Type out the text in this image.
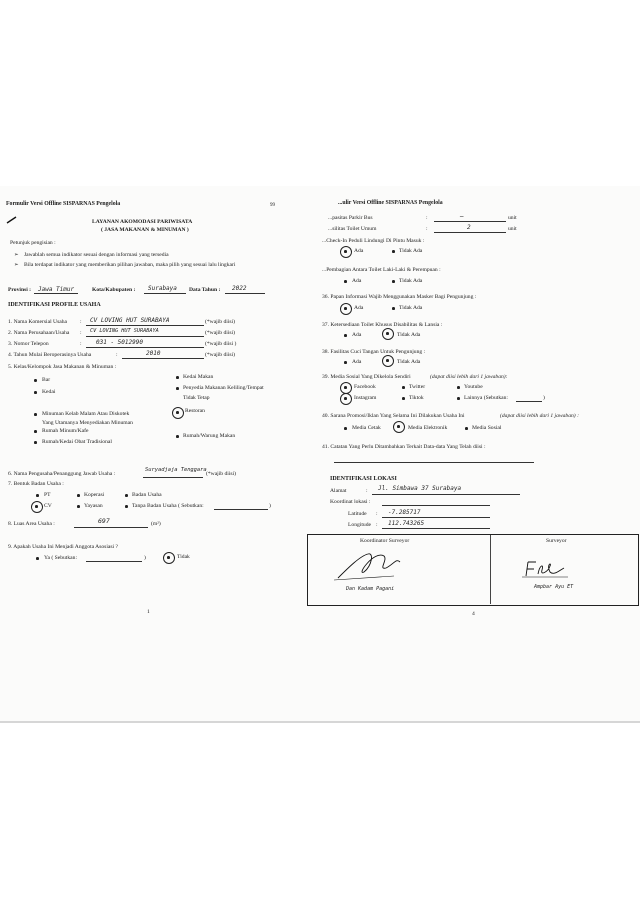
Formulir Versi Offline SISPARNAS Pengelola	99
LAYANAN AKOMODASI PARIWISATA
( JASA MAKANAN & MINUMAN )
Petunjuk pengisian :
➢ Jawablah semua indikator sesuai dengan informasi yang tersedia
➢ Bila terdapat indikator yang memberikan pilihan jawaban, maka pilih yang sesuai lalu lingkari
Provinsi : Jawa Timur	Kota/Kabupaten : Surabaya Data Tahun : 2022
IDENTIFIKASI PROFILE USAHA
1. Nama Komersial Usaha : CV LOVING HUT SURABAYA	(*wajib diisi)
2. Nama Perusahaan/Usaha : CV LOVING HUT SURABAYA	(*wajib diisi)
3. Nomor Telepon	: 031 - 5012990	(*wajib diisi )
4. Tahun Mulai Beroperasinya Usaha	:	2010	(*wajib diisi)
5. Kelas/Kelompok Jasa Makanan & Minuman :
Bar
Kedai
Kedai Makan
Penyedia Makanan Keliling/Tempat
Tidak Tetap
Minuman Kelab Malam Atau Diskotek
Yang Utamanya Menyediakan Minuman
Restoran
Rumah Minum/Kafe
Rumah/Warung Makan
Rumah/Kedai Obat Tradisional
6. Nama Pengusaha/Penanggung Jawab Usaha :
Suryadjaja Tenggara
(*wajib diisi)
7. Bentuk Badan Usaha :
PT	Koperasi	Badan Usaha
CV	Yayasan	Tanpa Badan Usaha ( Sebutkan:	)
8. Luas Area Usaha :	697	(m²)
9. Apakah Usaha Ini Menjadi Anggota Asosiasi ?
Ya ( Sebutkan:	)	Tidak
1
...ulir Versi Offline SISPARNAS Pengelola
...pasitas Parkir Bus	:	–	unit
...silitas Toilet Umum	:	2	unit
...Check-In Peduli Lindungi Di Pintu Masuk :
Ada	Tidak Ada
...Pembagian Antara Toilet Laki-Laki & Perempuan :
Ada	Tidak Ada
36. Papan Informasi Wajib Menggunakan Masker Bagi Pengunjung :
Ada	Tidak Ada
37. Ketersediaan Toilet Khusus Disabilitas & Lansia :
Ada	Tidak Ada
38. Fasilitas Cuci Tangan Untuk Pengunjung :
Ada	Tidak Ada
39. Media Sosial Yang Dikelola Sendiri	(dapat diisi lebih dari 1 jawaban):
Facebook	Twitter	Youtube
Instagram	Tiktok	Lainnya (Sebutkan:	)
40. Sarana Promosi/Iklan Yang Selama Ini Dilakukan Usaha Ini	(dapat diisi lebih dari 1 jawaban) :
Media Cetak	Media Elektronik	Media Sosial
41. Catatan Yang Perlu Ditambahkan Terkait Data-data Yang Telah diisi :
IDENTIFIKASI LOKASI
Alamat	: Jl. Simbawa 37 Surabaya
Koordinat lokasi :
Latitude : -7.285717
Longitude : 112.743265
Koordinator Surveyor	Surveyor
Dan Kadam Pagani	Ampbar Ayu ET
4
